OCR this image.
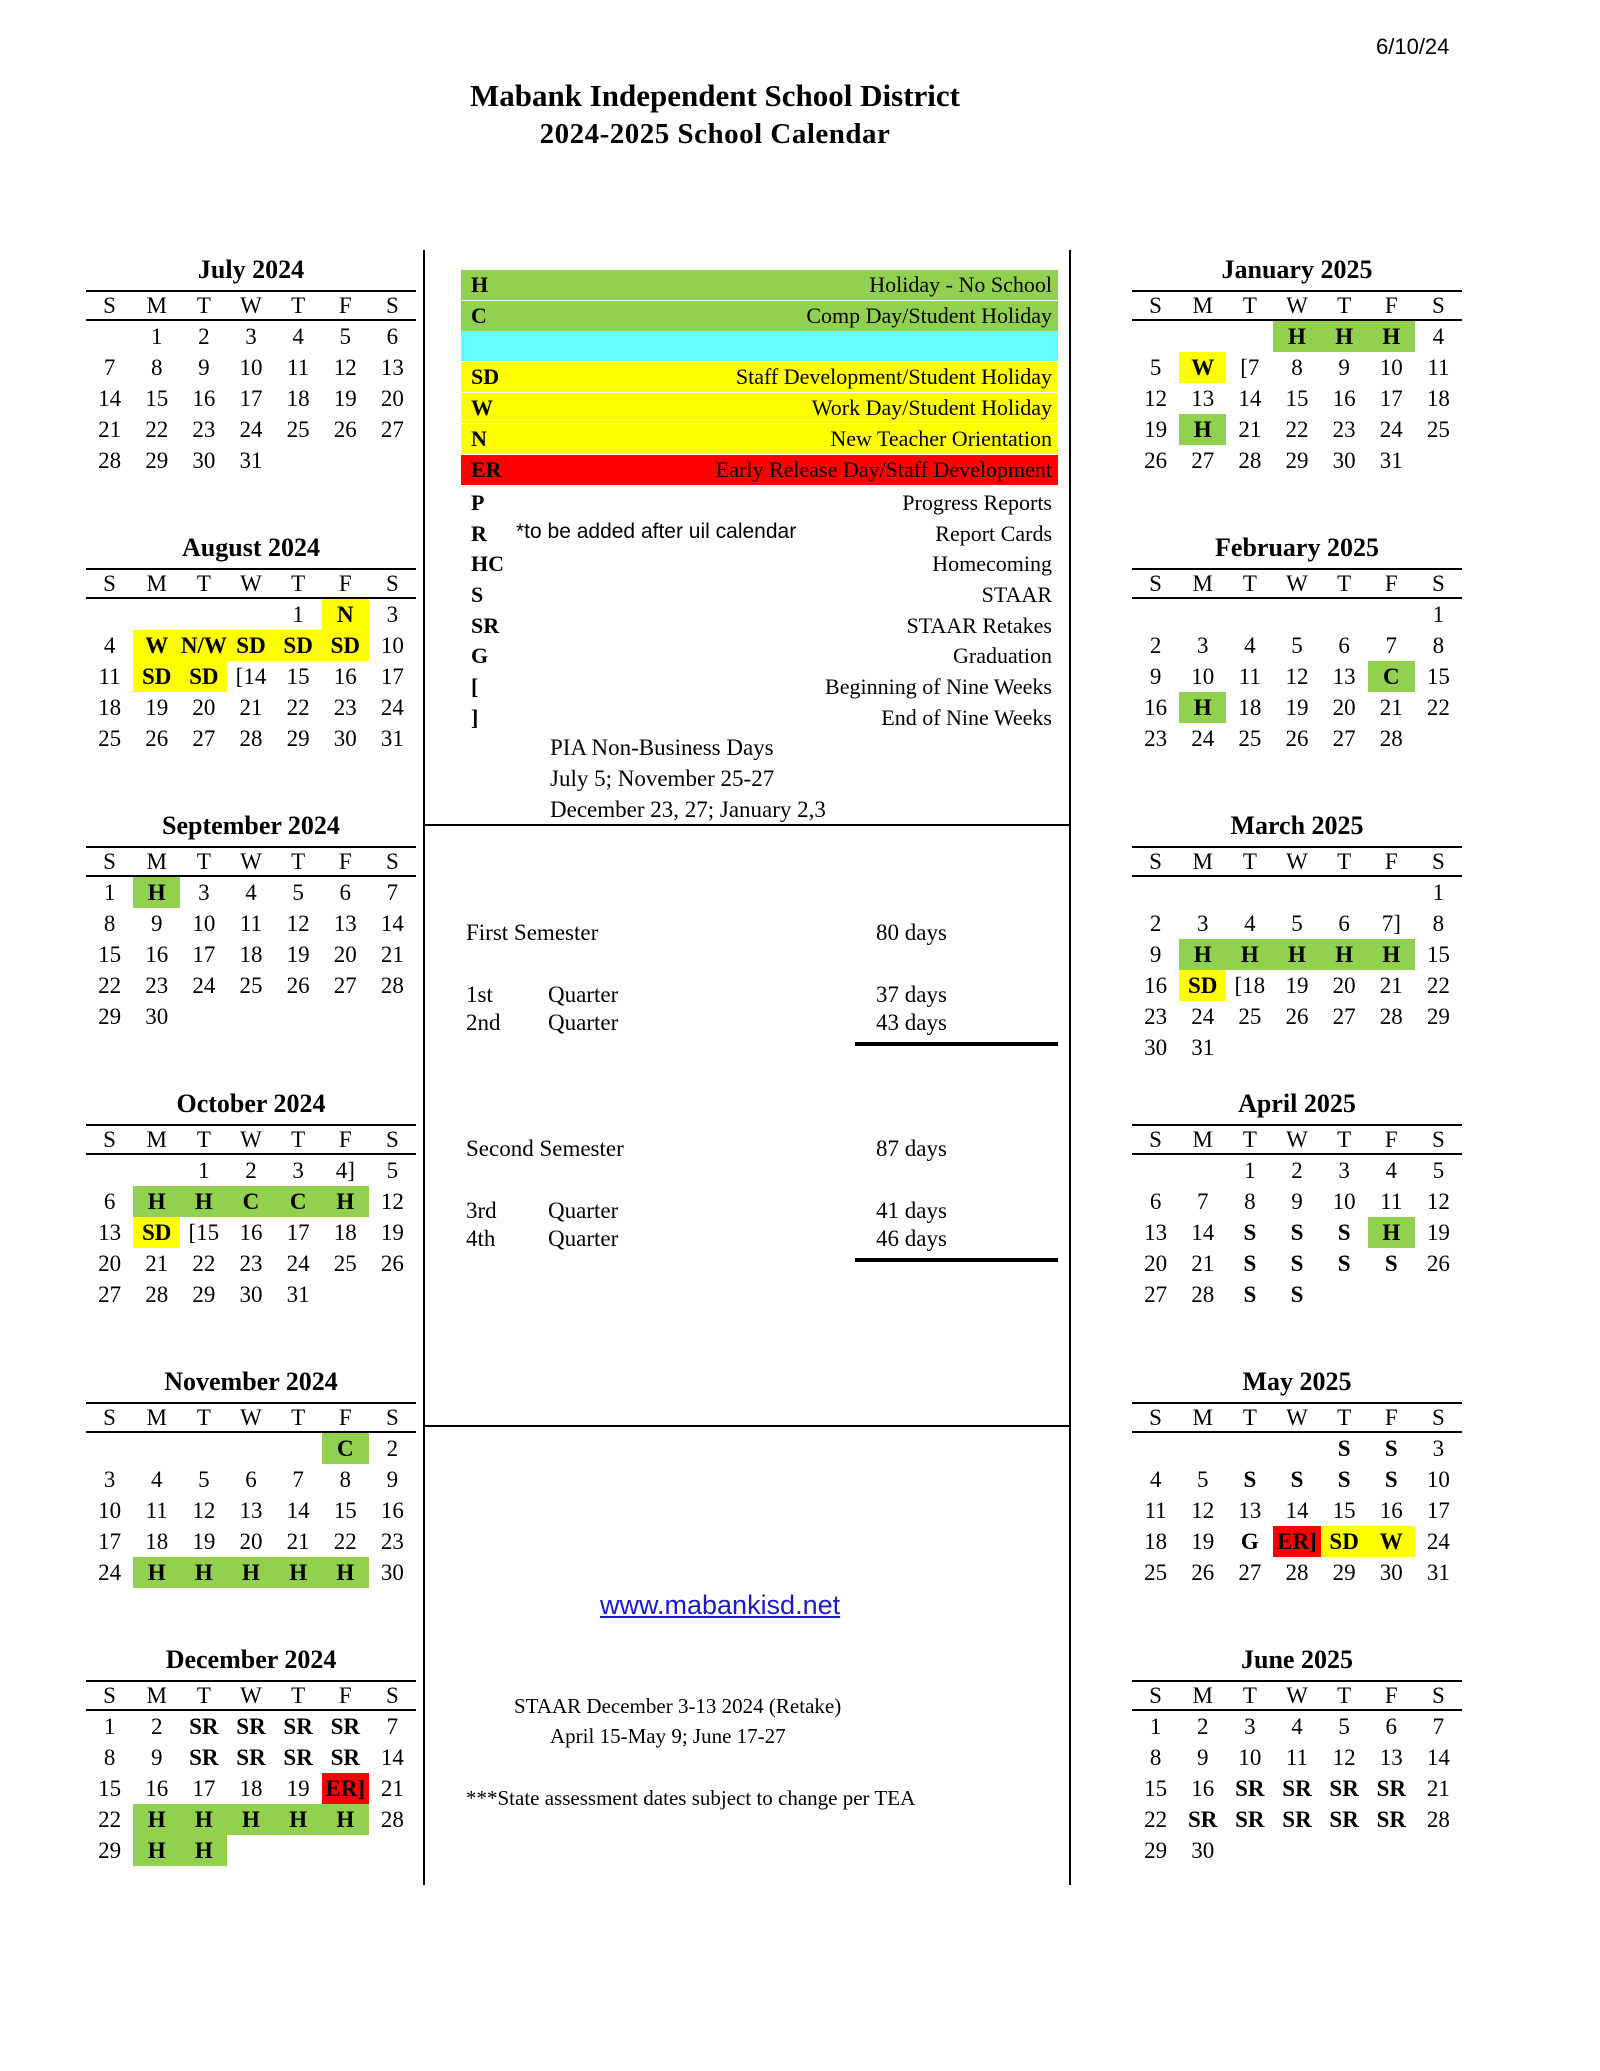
6/10/24
Mabank Independent School District
2024-2025 School Calendar
July 2024
S	M	T	W	T	F	S
	1	2	3	4	5	6
7	8	9	10	11	12	13
14	15	16	17	18	19	20
21	22	23	24	25	26	27
28	29	30	31			
August 2024
S	M	T	W	T	F	S
				1	N	3
4	W	N/W	SD	SD	SD	10
11	SD	SD	[14	15	16	17
18	19	20	21	22	23	24
25	26	27	28	29	30	31
September 2024
S	M	T	W	T	F	S
1	H	3	4	5	6	7
8	9	10	11	12	13	14
15	16	17	18	19	20	21
22	23	24	25	26	27	28
29	30					
October 2024
S	M	T	W	T	F	S
		1	2	3	4]	5
6	H	H	C	C	H	12
13	SD	[15	16	17	18	19
20	21	22	23	24	25	26
27	28	29	30	31		
November 2024
S	M	T	W	T	F	S
					C	2
3	4	5	6	7	8	9
10	11	12	13	14	15	16
17	18	19	20	21	22	23
24	H	H	H	H	H	30
December 2024
S	M	T	W	T	F	S
1	2	SR	SR	SR	SR	7
8	9	SR	SR	SR	SR	14
15	16	17	18	19	ER]	21
22	H	H	H	H	H	28
29	H	H				
January 2025
S	M	T	W	T	F	S
			H	H	H	4
5	W	[7	8	9	10	11
12	13	14	15	16	17	18
19	H	21	22	23	24	25
26	27	28	29	30	31	
February 2025
S	M	T	W	T	F	S
						1
2	3	4	5	6	7	8
9	10	11	12	13	C	15
16	H	18	19	20	21	22
23	24	25	26	27	28	
March 2025
S	M	T	W	T	F	S
						1
2	3	4	5	6	7]	8
9	H	H	H	H	H	15
16	SD	[18	19	20	21	22
23	24	25	26	27	28	29
30	31					
April 2025
S	M	T	W	T	F	S
		1	2	3	4	5
6	7	8	9	10	11	12
13	14	S	S	S	H	19
20	21	S	S	S	S	26
27	28	S	S			
May 2025
S	M	T	W	T	F	S
				S	S	3
4	5	S	S	S	S	10
11	12	13	14	15	16	17
18	19	G	ER]	SD	W	24
25	26	27	28	29	30	31
June 2025
S	M	T	W	T	F	S
1	2	3	4	5	6	7
8	9	10	11	12	13	14
15	16	SR	SR	SR	SR	21
22	SR	SR	SR	SR	SR	28
29	30					
H	Holiday - No School
C	Comp Day/Student Holiday
SD	Staff Development/Student Holiday
W	Work Day/Student Holiday
N	New Teacher Orientation
ER	Early Release Day/Staff Development
P	Progress Reports
R	Report Cards
HC	Homecoming
S	STAAR
SR	STAAR Retakes
G	Graduation
[	Beginning of Nine Weeks
]	End of Nine Weeks
*to be added after uil calendar
PIA Non-Business Days
July 5; November 25-27
December 23, 27; January 2,3
First Semester	80 days
1st Quarter	37 days
2nd Quarter	43 days
Second Semester	87 days
3rd Quarter	41 days
4th Quarter	46 days
www.mabankisd.net
STAAR December 3-13 2024 (Retake)
April 15-May 9; June 17-27
***State assessment dates subject to change per TEA
